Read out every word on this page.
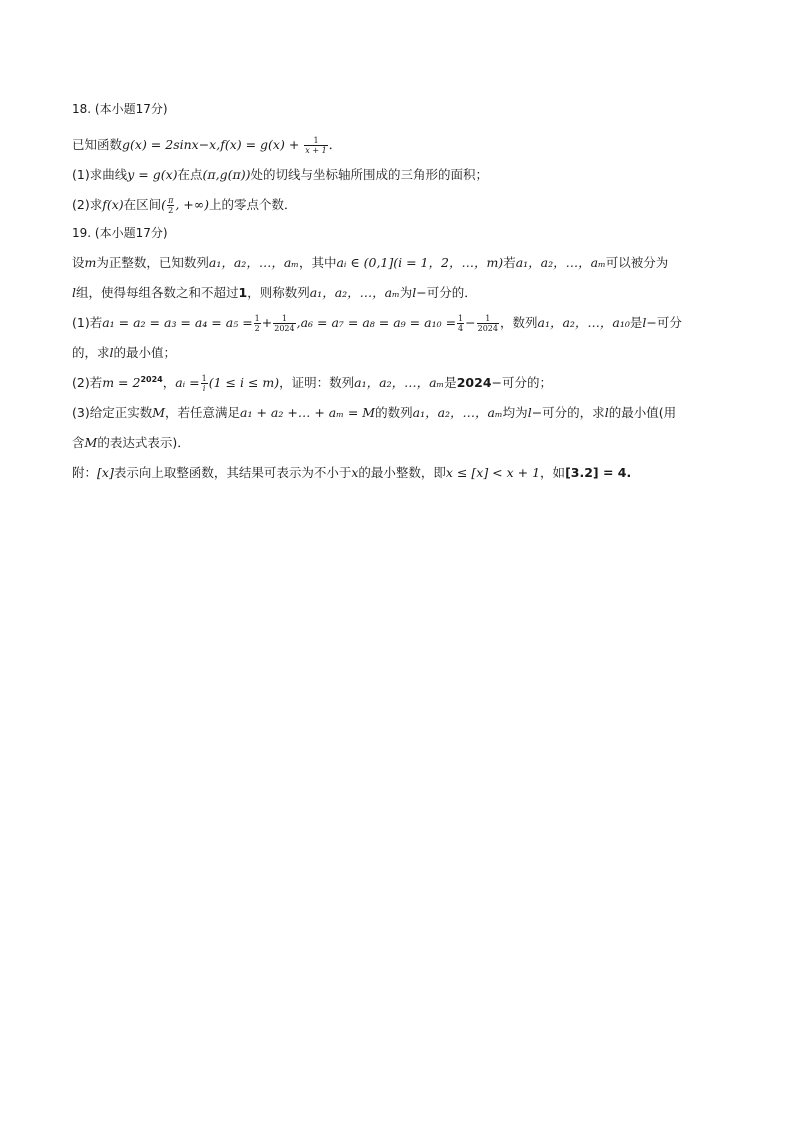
18. (本小题17分)

已知函数$g(x) = 2\sin x-x,f(x) = g(x) + \frac{1}{x + 1}$ ．

(1)求曲线y = g(x)在点(π,g(π))处的切线与坐标轴所围成的三角形的面积；

(2)求f(x)在区间( $\frac{\pi}{2}$ , +∞)上的零点个数．

19. (本小题17分)

设m为正整数，已知数列a₁，a₂，…，aₘ，其中aᵢ ∈ (0,1](i = 1，2，…，m)若a₁，a₂，…，aₘ可以被分为

l组，使得每组各数之和不超过1，则称数列a₁，a₂，…，aₘ为l−可分的．

(1)若$a_1 = a_2 = a_3 = a_4 = a_5 = \frac{1}{2} + \frac{1}{2024} ,a_6 = a_7 = a_8 = a_9 = a_{10} = \frac{1}{4} - \frac{1}{2024}$ ，数列a₁，a₂，…，a₁₀是l−可分

的，求l的最小值；

(2)若$m = 2^{2024}$，aᵢ = $\frac{1}{i} (1 \le i \le m)$，证明：数列a₁，a₂，…，aₘ是2024−可分的；

(3)给定正实数M，若任意满足a₁ + a₂ +… + aₘ = M的数列a₁，a₂，…，aₘ均为l−可分的，求l的最小值(用

含M的表达式表示)．

附：[x]表示向上取整函数，其结果可表示为不小于x的最小整数，即x ≤ [x] < x + 1，如[3.2] = 4.
